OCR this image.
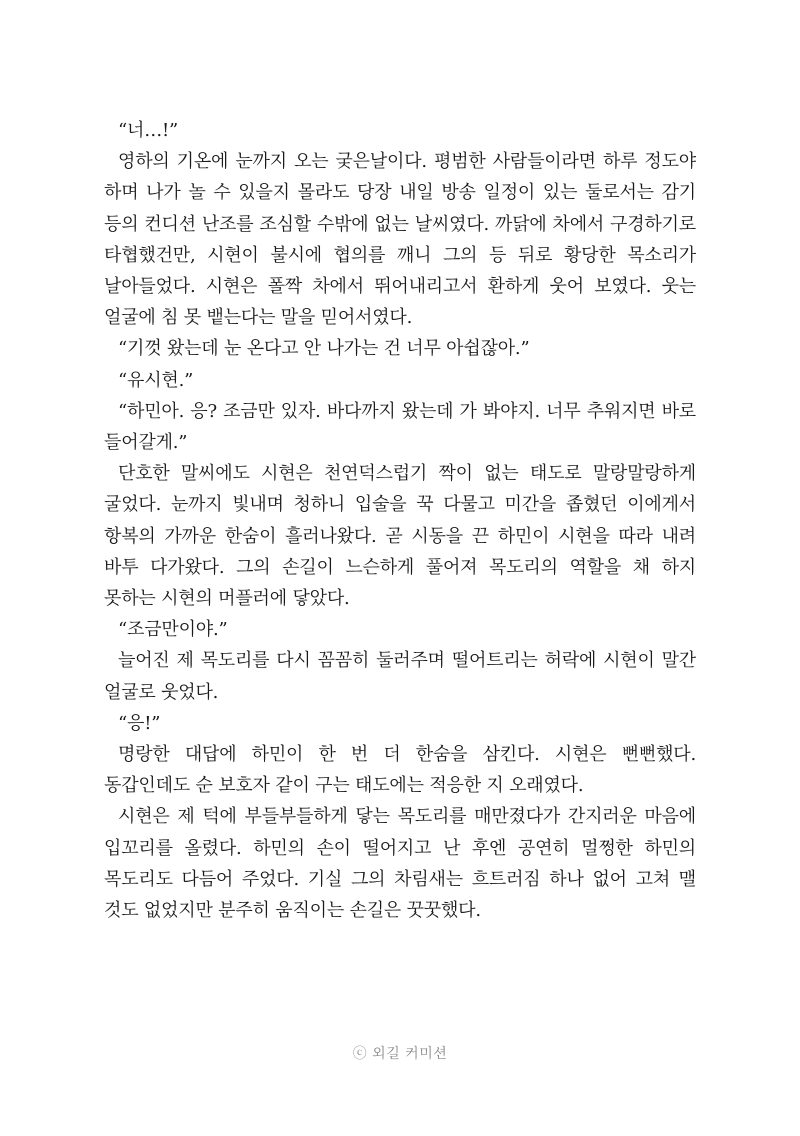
“너…!”

영하의 기온에 눈까지 오는 궂은날이다. 평범한 사람들이라면 하루 정도야 하며 나가 놀 수 있을지 몰라도 당장 내일 방송 일정이 있는 둘로서는 감기 등의 컨디션 난조를 조심할 수밖에 없는 날씨였다. 까닭에 차에서 구경하기로 타협했건만, 시현이 불시에 협의를 깨니 그의 등 뒤로 황당한 목소리가 날아들었다. 시현은 폴짝 차에서 뛰어내리고서 환하게 웃어 보였다. 웃는 얼굴에 침 못 뱉는다는 말을 믿어서였다.

“기껏 왔는데 눈 온다고 안 나가는 건 너무 아쉽잖아.”

“유시현.”

“하민아. 응? 조금만 있자. 바다까지 왔는데 가 봐야지. 너무 추워지면 바로 들어갈게.”

단호한 말씨에도 시현은 천연덕스럽기 짝이 없는 태도로 말랑말랑하게 굴었다. 눈까지 빛내며 청하니 입술을 꾹 다물고 미간을 좁혔던 이에게서 항복의 가까운 한숨이 흘러나왔다. 곧 시동을 끈 하민이 시현을 따라 내려 바투 다가왔다. 그의 손길이 느슨하게 풀어져 목도리의 역할을 채 하지 못하는 시현의 머플러에 닿았다.

“조금만이야.”

늘어진 제 목도리를 다시 꼼꼼히 둘러주며 떨어트리는 허락에 시현이 말간 얼굴로 웃었다.

“응!”

명랑한 대답에 하민이 한 번 더 한숨을 삼킨다. 시현은 뻔뻔했다. 동갑인데도 순 보호자 같이 구는 태도에는 적응한 지 오래였다.

시현은 제 턱에 부들부들하게 닿는 목도리를 매만졌다가 간지러운 마음에 입꼬리를 올렸다. 하민의 손이 떨어지고 난 후엔 공연히 멀쩡한 하민의 목도리도 다듬어 주었다. 기실 그의 차림새는 흐트러짐 하나 없어 고쳐 맬 것도 없었지만 분주히 움직이는 손길은 꿋꿋했다.

ⓒ 외길 커미션
